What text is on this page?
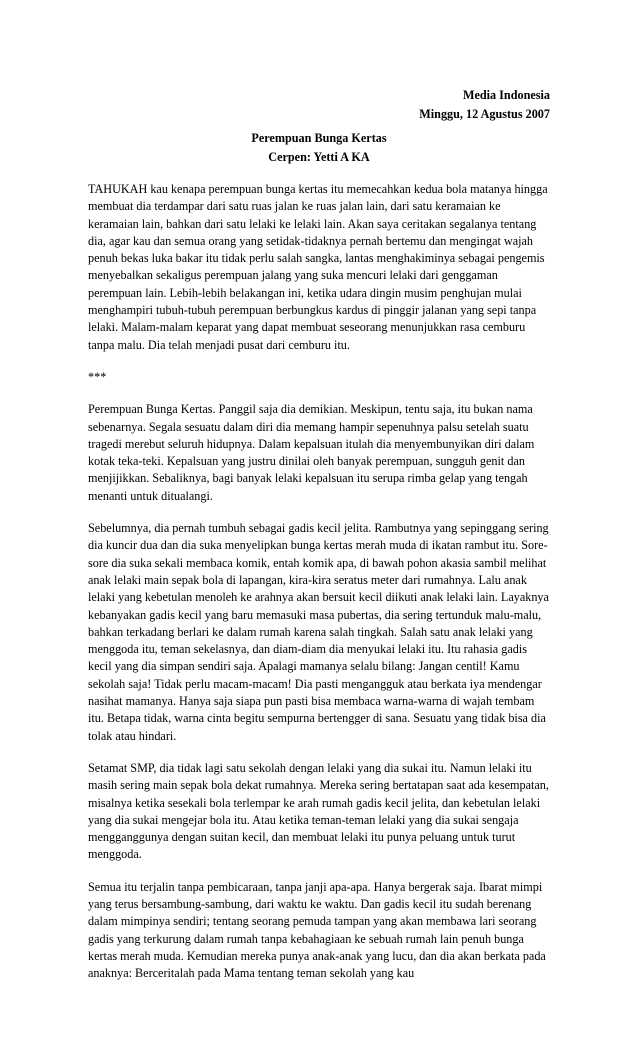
Media Indonesia
Minggu, 12 Agustus 2007
Perempuan Bunga Kertas
Cerpen: Yetti A KA

TAHUKAH kau kenapa perempuan bunga kertas itu memecahkan kedua bola matanya hingga membuat dia terdampar dari satu ruas jalan ke ruas jalan lain, dari satu keramaian ke keramaian lain, bahkan dari satu lelaki ke lelaki lain. Akan saya ceritakan segalanya tentang dia, agar kau dan semua orang yang setidak-tidaknya pernah bertemu dan mengingat wajah penuh bekas luka bakar itu tidak perlu salah sangka, lantas menghakiminya sebagai pengemis menyebalkan sekaligus perempuan jalang yang suka mencuri lelaki dari genggaman perempuan lain. Lebih-lebih belakangan ini, ketika udara dingin musim penghujan mulai menghampiri tubuh-tubuh perempuan berbungkus kardus di pinggir jalanan yang sepi tanpa lelaki. Malam-malam keparat yang dapat membuat seseorang menunjukkan rasa cemburu tanpa malu. Dia telah menjadi pusat dari cemburu itu.

***

Perempuan Bunga Kertas. Panggil saja dia demikian. Meskipun, tentu saja, itu bukan nama sebenarnya. Segala sesuatu dalam diri dia memang hampir sepenuhnya palsu setelah suatu tragedi merebut seluruh hidupnya. Dalam kepalsuan itulah dia menyembunyikan diri dalam kotak teka-teki. Kepalsuan yang justru dinilai oleh banyak perempuan, sungguh genit dan menjijikkan. Sebaliknya, bagi banyak lelaki kepalsuan itu serupa rimba gelap yang tengah menanti untuk ditualangi.

Sebelumnya, dia pernah tumbuh sebagai gadis kecil jelita. Rambutnya yang sepinggang sering dia kuncir dua dan dia suka menyelipkan bunga kertas merah muda di ikatan rambut itu. Sore-sore dia suka sekali membaca komik, entah komik apa, di bawah pohon akasia sambil melihat anak lelaki main sepak bola di lapangan, kira-kira seratus meter dari rumahnya. Lalu anak lelaki yang kebetulan menoleh ke arahnya akan bersuit kecil diikuti anak lelaki lain. Layaknya kebanyakan gadis kecil yang baru memasuki masa pubertas, dia sering tertunduk malu-malu, bahkan terkadang berlari ke dalam rumah karena salah tingkah. Salah satu anak lelaki yang menggoda itu, teman sekelasnya, dan diam-diam dia menyukai lelaki itu. Itu rahasia gadis kecil yang dia simpan sendiri saja. Apalagi mamanya selalu bilang: Jangan centil! Kamu sekolah saja! Tidak perlu macam-macam! Dia pasti mengangguk atau berkata iya mendengar nasihat mamanya. Hanya saja siapa pun pasti bisa membaca warna-warna di wajah tembam itu. Betapa tidak, warna cinta begitu sempurna bertengger di sana. Sesuatu yang tidak bisa dia tolak atau hindari.

Setamat SMP, dia tidak lagi satu sekolah dengan lelaki yang dia sukai itu. Namun lelaki itu masih sering main sepak bola dekat rumahnya. Mereka sering bertatapan saat ada kesempatan, misalnya ketika sesekali bola terlempar ke arah rumah gadis kecil jelita, dan kebetulan lelaki yang dia sukai mengejar bola itu. Atau ketika teman-teman lelaki yang dia sukai sengaja mengganggunya dengan suitan kecil, dan membuat lelaki itu punya peluang untuk turut menggoda.

Semua itu terjalin tanpa pembicaraan, tanpa janji apa-apa. Hanya bergerak saja. Ibarat mimpi yang terus bersambung-sambung, dari waktu ke waktu. Dan gadis kecil itu sudah berenang dalam mimpinya sendiri; tentang seorang pemuda tampan yang akan membawa lari seorang gadis yang terkurung dalam rumah tanpa kebahagiaan ke sebuah rumah lain penuh bunga kertas merah muda. Kemudian mereka punya anak-anak yang lucu, dan dia akan berkata pada anaknya: Berceritalah pada Mama tentang teman sekolah yang kau
